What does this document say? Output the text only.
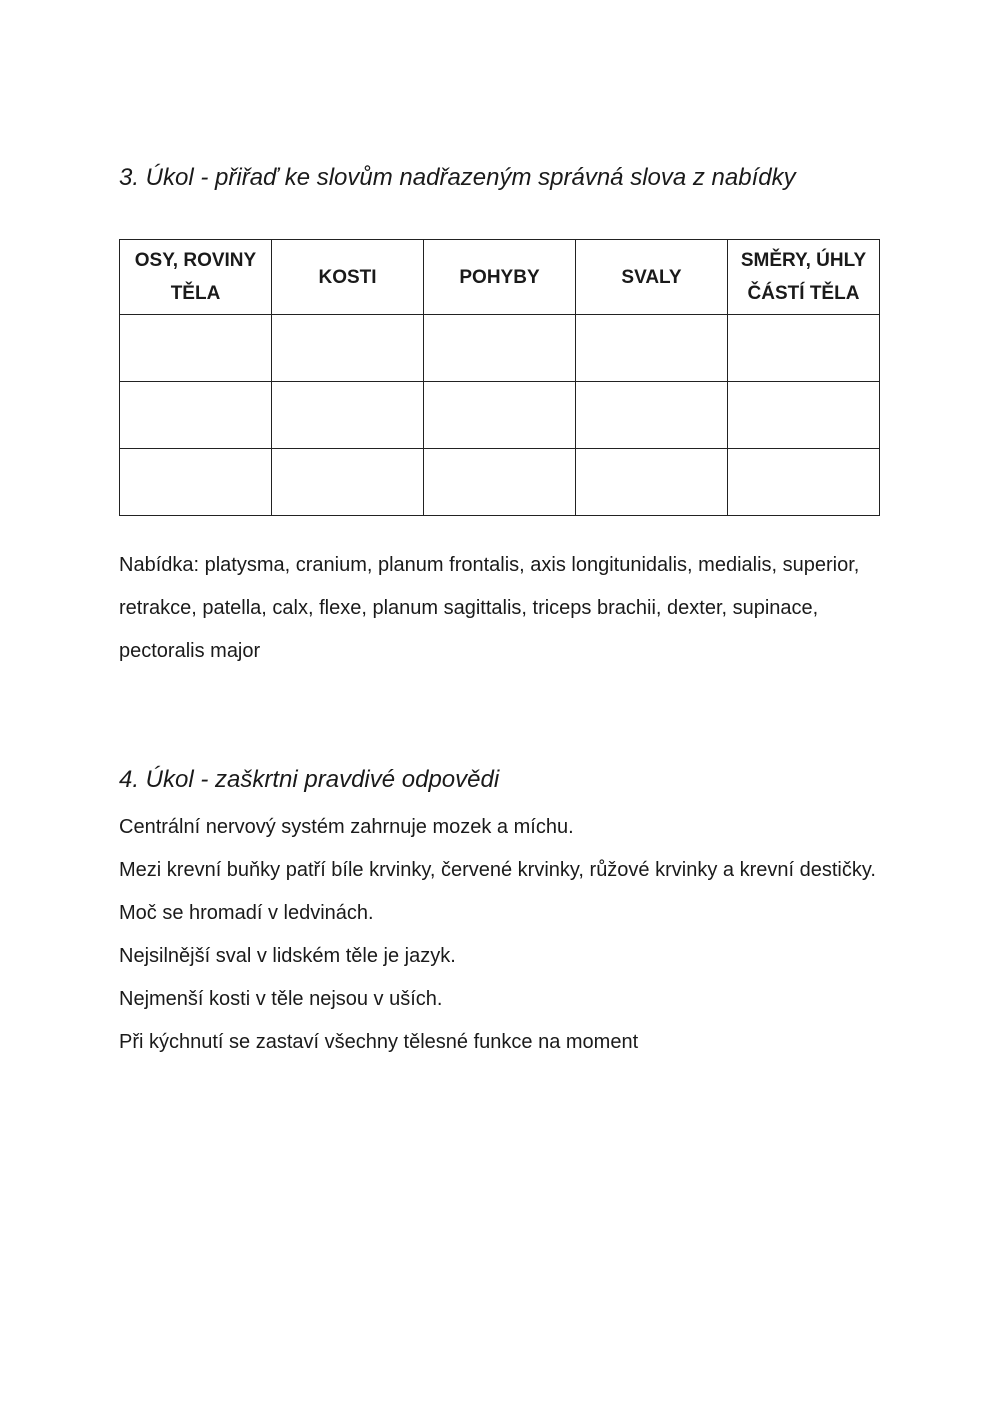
3. Úkol - přiřaď ke slovům nadřazeným správná slova z nabídky
OSY, ROVINY TĚLA	KOSTI	POHYBY	SVALY	SMĚRY, ÚHLY ČÁSTÍ TĚLA

Nabídka: platysma, cranium, planum frontalis, axis longitunidalis, medialis, superior, retrakce, patella, calx, flexe, planum sagittalis, triceps brachii, dexter, supinace, pectoralis major

4. Úkol - zaškrtni pravdivé odpovědi
Centrální nervový systém zahrnuje mozek a míchu.
Mezi krevní buňky patří bíle krvinky, červené krvinky, růžové krvinky a krevní destičky.
Moč se hromadí v ledvinách.
Nejsilnější sval v lidském těle je jazyk.
Nejmenší kosti v těle nejsou v uších.
Při kýchnutí se zastaví všechny tělesné funkce na moment
